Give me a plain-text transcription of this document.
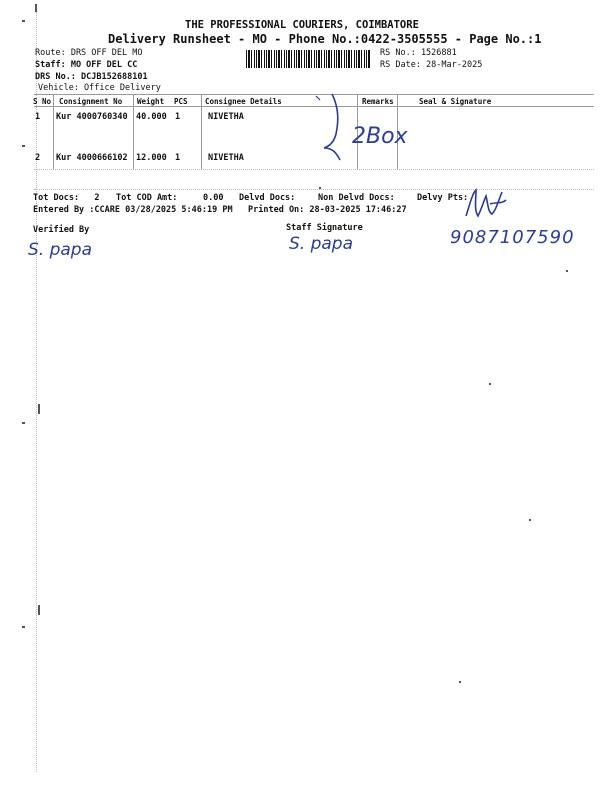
THE PROFESSIONAL COURIERS, COIMBATORE
Delivery Runsheet - MO - Phone No.:0422-3505555 - Page No.:1
Route: DRS OFF DEL MO
Staff: MO OFF DEL CC
DRS No.: DCJB152688101
Vehicle: Office Delivery
RS No.: 1526881
RS Date: 28-Mar-2025
S No Consignment No Weight PCS Consignee Details	Remarks	Seal & Signature
1 Kur 4000760340 40.000 1	NIVETHA
2 Kur 4000666102 12.000 1	NIVETHA
2Box
Tot Docs:   2 Tot COD Amt:     0.00 Delvd Docs:	Non Delvd Docs:	Delvy Pts:
Entered By :CCARE 03/28/2025 5:46:19 PM Printed On: 28-03-2025 17:46:27
Verified By	Staff Signature
S. papa	S. papa	9087107590
